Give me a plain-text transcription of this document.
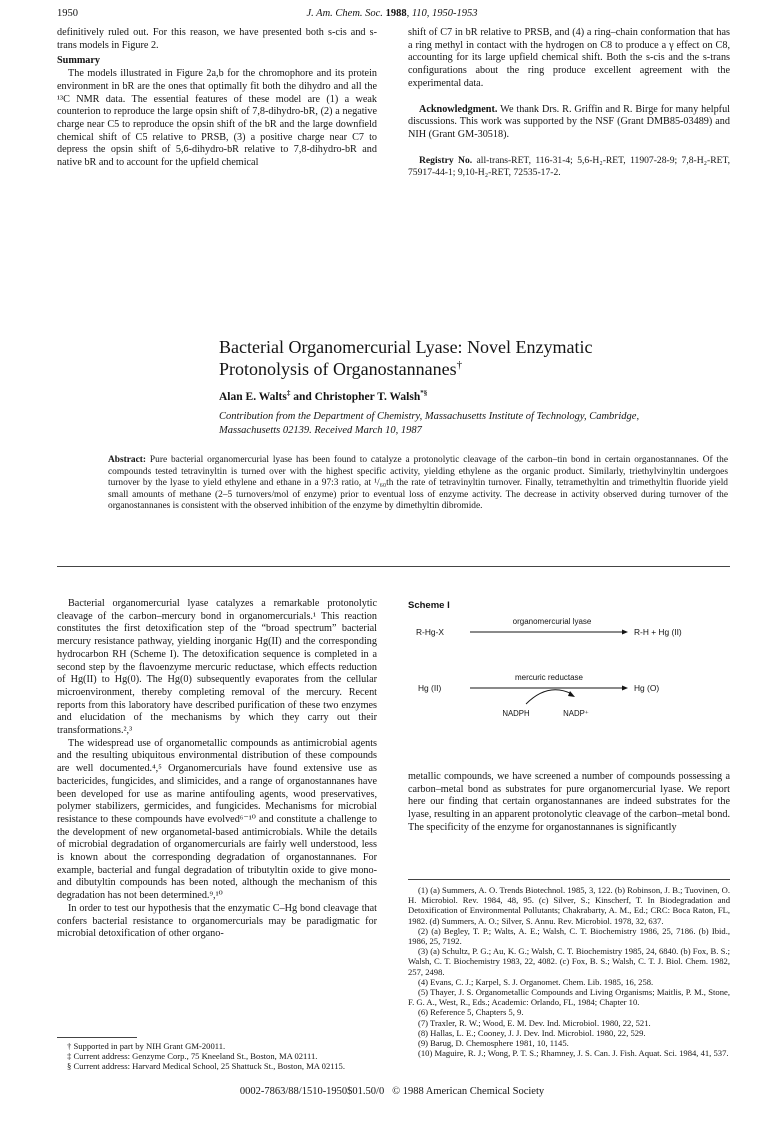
1950	J. Am. Chem. Soc. 1988, 110, 1950-1953

definitively ruled out. For this reason, we have presented both s-cis and s-trans models in Figure 2.

Summary

The models illustrated in Figure 2a,b for the chromophore and its protein environment in bR are the ones that optimally fit both the dihydro and all the ¹³C NMR data. The essential features of these model are (1) a weak counterion to reproduce the large opsin shift of 7,8-dihydro-bR, (2) a negative charge near C5 to reproduce the opsin shift of the bR and the large downfield chemical shift of C5 relative to PRSB, (3) a positive charge near C7 to depress the opsin shift of 5,6-dihydro-bR relative to 7,8-dihydro-bR and native bR and to account for the upfield chemical

shift of C7 in bR relative to PRSB, and (4) a ring–chain conformation that has a ring methyl in contact with the hydrogen on C8 to produce a γ effect on C8, accounting for its large upfield chemical shift. Both the s-cis and the s-trans configurations about the ring produce excellent agreement with the experimental data.

Acknowledgment. We thank Drs. R. Griffin and R. Birge for many helpful discussions. This work was supported by the NSF (Grant DMB85-03489) and NIH (Grant GM-30518).

Registry No. all-trans-RET, 116-31-4; 5,6-H₂-RET, 11907-28-9; 7,8-H₂-RET, 75917-44-1; 9,10-H₂-RET, 72535-17-2.

Bacterial Organomercurial Lyase: Novel Enzymatic
Protonolysis of Organostannanes†
Alan E. Walts‡ and Christopher T. Walsh*§
Contribution from the Department of Chemistry, Massachusetts Institute of Technology, Cambridge, Massachusetts 02139. Received March 10, 1987
Abstract: Pure bacterial organomercurial lyase has been found to catalyze a protonolytic cleavage of the carbon–tin bond in certain organostannanes. Of the compounds tested tetravinyltin is turned over with the highest specific activity, yielding ethylene as the organic product. Similarly, triethylvinyltin undergoes turnover by the lyase to yield ethylene and ethane in a 97:3 ratio, at ¹/₆₀th the rate of tetravinyltin turnover. Finally, tetramethyltin and trimethyltin fluoride yield small amounts of methane (2–5 turnovers/mol of enzyme) prior to eventual loss of enzyme activity. The decrease in activity observed during turnover of the organostannanes is consistent with the observed inhibition of the enzyme by dimethyltin dibromide.

Bacterial organomercurial lyase catalyzes a remarkable protonolytic cleavage of the carbon–mercury bond in organomercurials.¹ This reaction constitutes the first detoxification step of the “broad spectrum” bacterial mercury resistance pathway, yielding inorganic Hg(II) and the corresponding hydrocarbon RH (Scheme I). The detoxification sequence is completed in a second step by the flavoenzyme mercuric reductase, which effects reduction of Hg(II) to Hg(0). The Hg(0) subsequently evaporates from the cellular microenvironment, thereby completing removal of the mercury. Recent reports from this laboratory have described purification of these two enzymes and elucidation of the mechanisms by which they carry out their transformations.²,³

The widespread use of organometallic compounds as antimicrobial agents and the resulting ubiquitous environmental distribution of these compounds are well documented.⁴,⁵ Organomercurials have found extensive use as bactericides, fungicides, and slimicides, and a range of organostannanes have been developed for use as marine antifouling agents, wood preservatives, polymer stabilizers, germicides, and fungicides. Mechanisms for microbial resistance to these compounds have evolved⁶⁻¹⁰ and constitute a challenge to the development of new organometal-based antimicrobials. While the details of microbial degradation of organomercurials are fairly well understood, less is known about the corresponding degradation of organostannanes. For example, bacterial and fungal degradation of tributyltin oxide to give mono- and dibutyltin compounds has been noted, although the mechanism of this degradation has not been determined.⁹,¹⁰

In order to test our hypothesis that the enzymatic C–Hg bond cleavage that confers bacterial resistance to organomercurials may be paradigmatic for microbial detoxification of other organo-

Scheme I
R-Hg-X
organomercurial lyase
R-H + Hg (II)
Hg (II)
mercuric reductase
Hg (O)
NADPH	NADP⁺

metallic compounds, we have screened a number of compounds possessing a carbon–metal bond as substrates for pure organomercurial lyase. We report here our finding that certain organostannanes are indeed substrates for the lyase, resulting in an apparent protonolytic cleavage of the carbon–metal bond. The specificity of the enzyme for organostannanes is significantly

(1) (a) Summers, A. O. Trends Biotechnol. 1985, 3, 122. (b) Robinson, J. B.; Tuovinen, O. H. Microbiol. Rev. 1984, 48, 95. (c) Silver, S.; Kinscherf, T. In Biodegradation and Detoxification of Environmental Pollutants; Chakrabarty, A. M., Ed.; CRC: Boca Raton, FL, 1982. (d) Summers, A. O.; Silver, S. Annu. Rev. Microbiol. 1978, 32, 637.

(2) (a) Begley, T. P.; Walts, A. E.; Walsh, C. T. Biochemistry 1986, 25, 7186. (b) Ibid., 1986, 25, 7192.

(3) (a) Schultz, P. G.; Au, K. G.; Walsh, C. T. Biochemistry 1985, 24, 6840. (b) Fox, B. S.; Walsh, C. T. Biochemistry 1983, 22, 4082. (c) Fox, B. S.; Walsh, C. T. J. Biol. Chem. 1982, 257, 2498.

(4) Evans, C. J.; Karpel, S. J. Organomet. Chem. Lib. 1985, 16, 258.

(5) Thayer, J. S. Organometallic Compounds and Living Organisms; Maitlis, P. M., Stone, F. G. A., West, R., Eds.; Academic: Orlando, FL, 1984; Chapter 10.

(6) Reference 5, Chapters 5, 9.

(7) Traxler, R. W.; Wood, E. M. Dev. Ind. Microbiol. 1980, 22, 521.

(8) Hallas, L. E.; Cooney, J. J. Dev. Ind. Microbiol. 1980, 22, 529.

(9) Barug, D. Chemosphere 1981, 10, 1145.

(10) Maguire, R. J.; Wong, P. T. S.; Rhamney, J. S. Can. J. Fish. Aquat. Sci. 1984, 41, 537.

† Supported in part by NIH Grant GM-20011.

‡ Current address: Genzyme Corp., 75 Kneeland St., Boston, MA 02111.

§ Current address: Harvard Medical School, 25 Shattuck St., Boston, MA 02115.

0002-7863/88/1510-1950$01.50/0 © 1988 American Chemical Society
